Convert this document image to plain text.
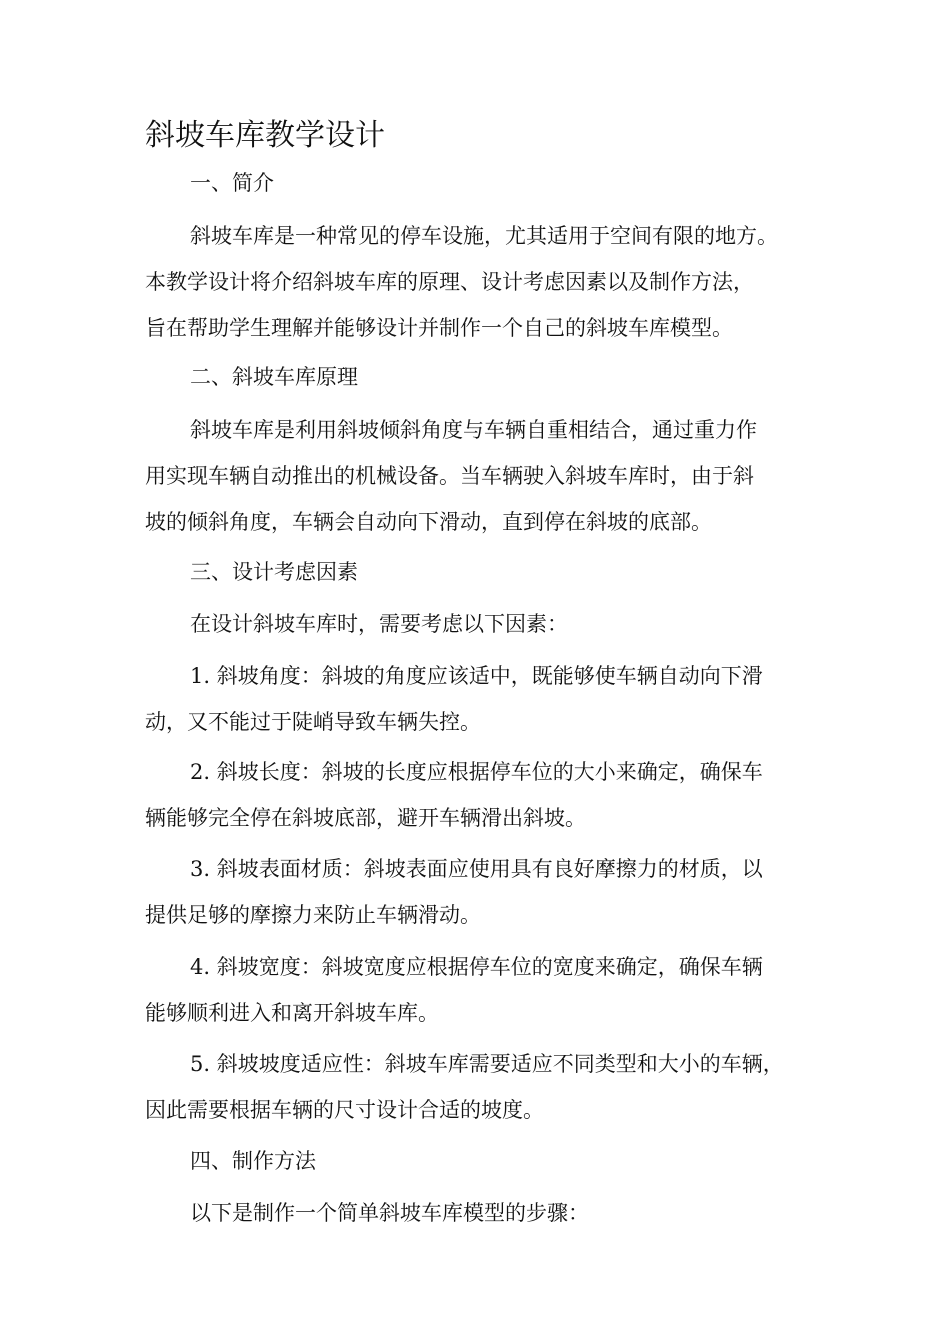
斜坡车库教学设计
一、简介
斜坡车库是一种常见的停车设施，尤其适用于空间有限的地方。
本教学设计将介绍斜坡车库的原理、设计考虑因素以及制作方法，
旨在帮助学生理解并能够设计并制作一个自己的斜坡车库模型。
二、斜坡车库原理
斜坡车库是利用斜坡倾斜角度与车辆自重相结合，通过重力作
用实现车辆自动推出的机械设备。当车辆驶入斜坡车库时，由于斜
坡的倾斜角度，车辆会自动向下滑动，直到停在斜坡的底部。
三、设计考虑因素
在设计斜坡车库时，需要考虑以下因素：
1. 斜坡角度：斜坡的角度应该适中，既能够使车辆自动向下滑
动，又不能过于陡峭导致车辆失控。
2. 斜坡长度：斜坡的长度应根据停车位的大小来确定，确保车
辆能够完全停在斜坡底部，避开车辆滑出斜坡。
3. 斜坡表面材质：斜坡表面应使用具有良好摩擦力的材质，以
提供足够的摩擦力来防止车辆滑动。
4. 斜坡宽度：斜坡宽度应根据停车位的宽度来确定，确保车辆
能够顺利进入和离开斜坡车库。
5. 斜坡坡度适应性：斜坡车库需要适应不同类型和大小的车辆，
因此需要根据车辆的尺寸设计合适的坡度。
四、制作方法
以下是制作一个简单斜坡车库模型的步骤：
